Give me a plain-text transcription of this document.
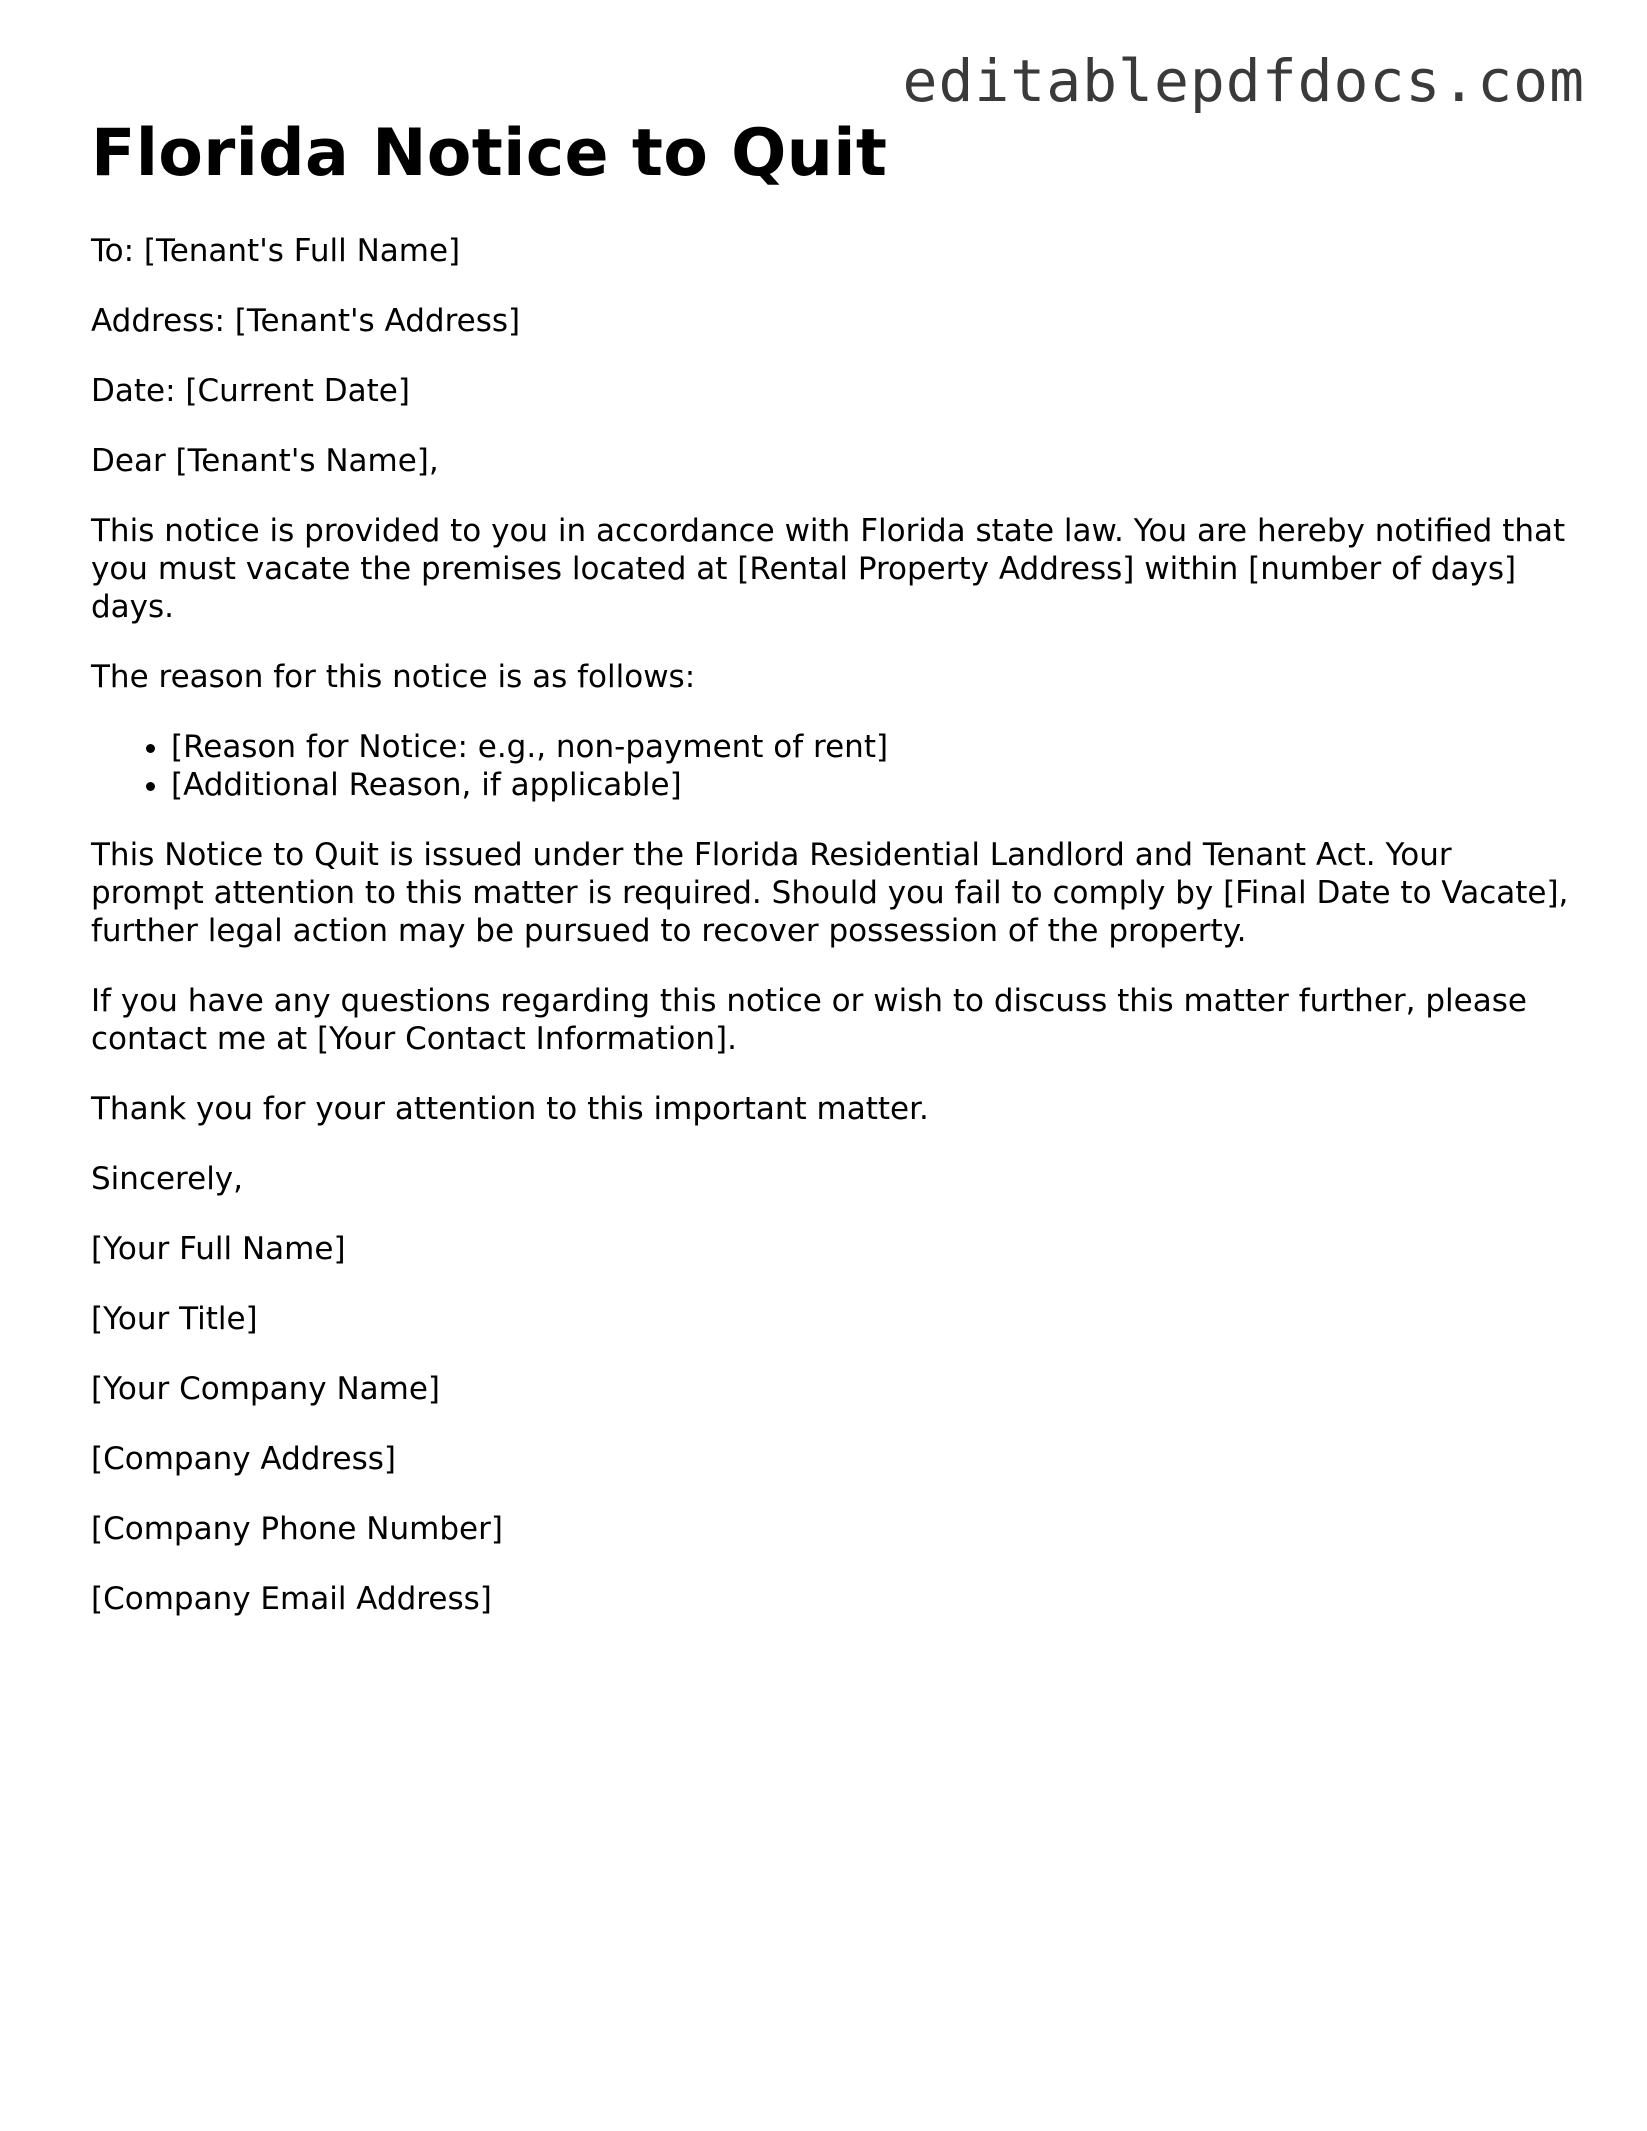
editablepdfdocs.com
Florida Notice to Quit

To: [Tenant's Full Name]

Address: [Tenant's Address]

Date: [Current Date]

Dear [Tenant's Name],

This notice is provided to you in accordance with Florida state law. You are hereby notified that you must vacate the premises located at [Rental Property Address] within [number of days] days.

The reason for this notice is as follows:

• [Reason for Notice: e.g., non-payment of rent]
• [Additional Reason, if applicable]

This Notice to Quit is issued under the Florida Residential Landlord and Tenant Act. Your prompt attention to this matter is required. Should you fail to comply by [Final Date to Vacate], further legal action may be pursued to recover possession of the property.

If you have any questions regarding this notice or wish to discuss this matter further, please contact me at [Your Contact Information].

Thank you for your attention to this important matter.

Sincerely,

[Your Full Name]

[Your Title]

[Your Company Name]

[Company Address]

[Company Phone Number]

[Company Email Address]
